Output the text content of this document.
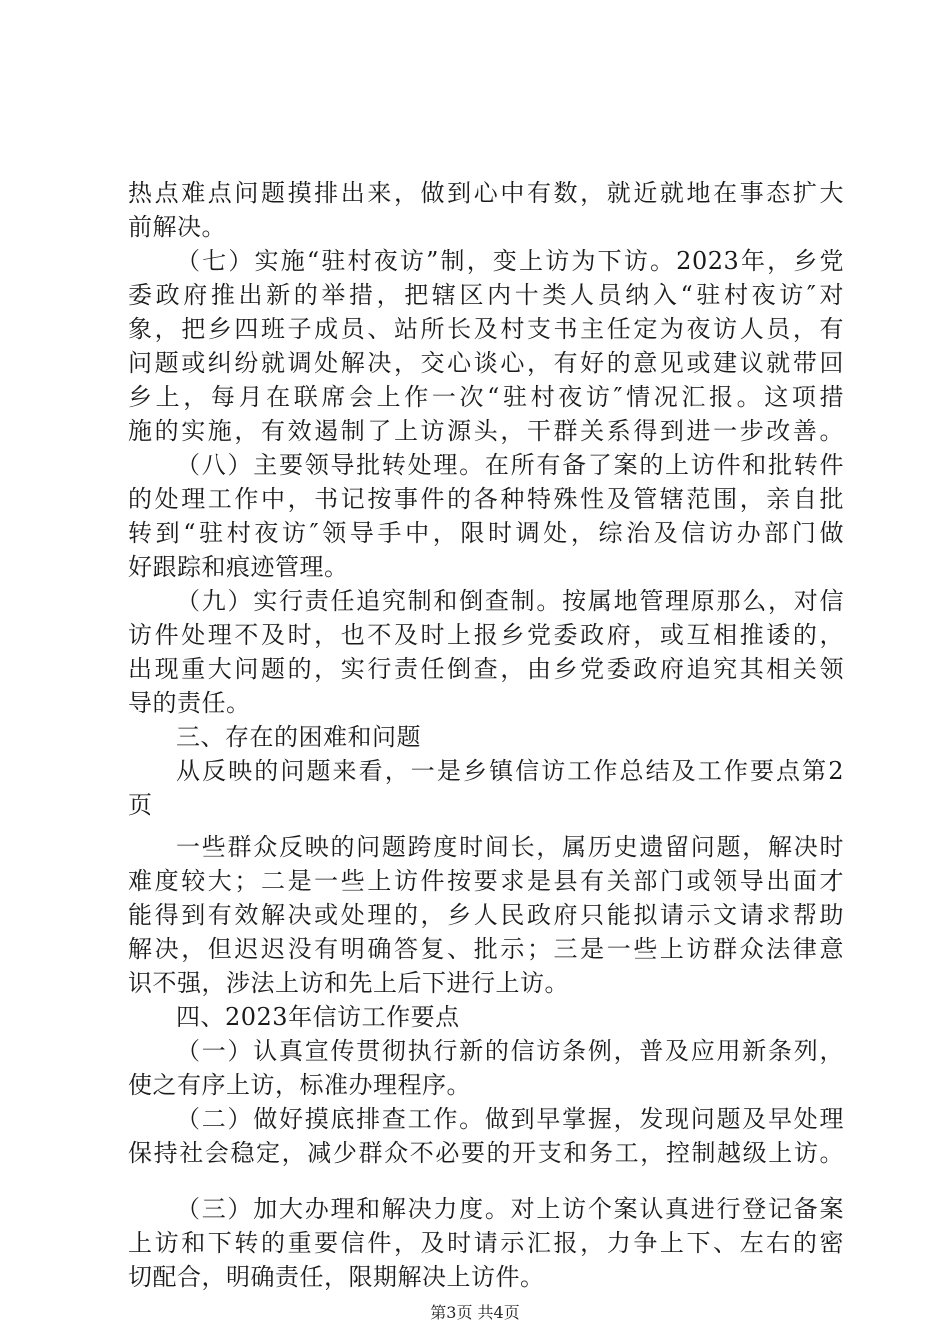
热点难点问题摸排出来，做到心中有数，就近就地在事态扩大
前解决。
（七）实施“驻村夜访”制，变上访为下访。2023年，乡党
委政府推出新的举措，把辖区内十类人员纳入“驻村夜访″对
象，把乡四班子成员、站所长及村支书主任定为夜访人员，有
问题或纠纷就调处解决，交心谈心，有好的意见或建议就带回
乡上，每月在联席会上作一次“驻村夜访″情况汇报。这项措
施的实施，有效遏制了上访源头，干群关系得到进一步改善。
（八）主要领导批转处理。在所有备了案的上访件和批转件
的处理工作中，书记按事件的各种特殊性及管辖范围，亲自批
转到“驻村夜访″领导手中，限时调处，综治及信访办部门做
好跟踪和痕迹管理。
（九）实行责任追究制和倒查制。按属地管理原那么，对信
访件处理不及时，也不及时上报乡党委政府，或互相推诿的，
出现重大问题的，实行责任倒查，由乡党委政府追究其相关领
导的责任。
三、存在的困难和问题
从反映的问题来看，一是乡镇信访工作总结及工作要点第2
页
一些群众反映的问题跨度时间长，属历史遗留问题，解决时
难度较大；二是一些上访件按要求是县有关部门或领导出面才
能得到有效解决或处理的，乡人民政府只能拟请示文请求帮助
解决，但迟迟没有明确答复、批示；三是一些上访群众法律意
识不强，涉法上访和先上后下进行上访。
四、2023年信访工作要点
（一）认真宣传贯彻执行新的信访条例，普及应用新条列，
使之有序上访，标准办理程序。
（二）做好摸底排查工作。做到早掌握，发现问题及早处理
保持社会稳定，减少群众不必要的开支和务工，控制越级上访。
（三）加大办理和解决力度。对上访个案认真进行登记备案
上访和下转的重要信件，及时请示汇报，力争上下、左右的密
切配合，明确责任，限期解决上访件。
第3页 共4页
